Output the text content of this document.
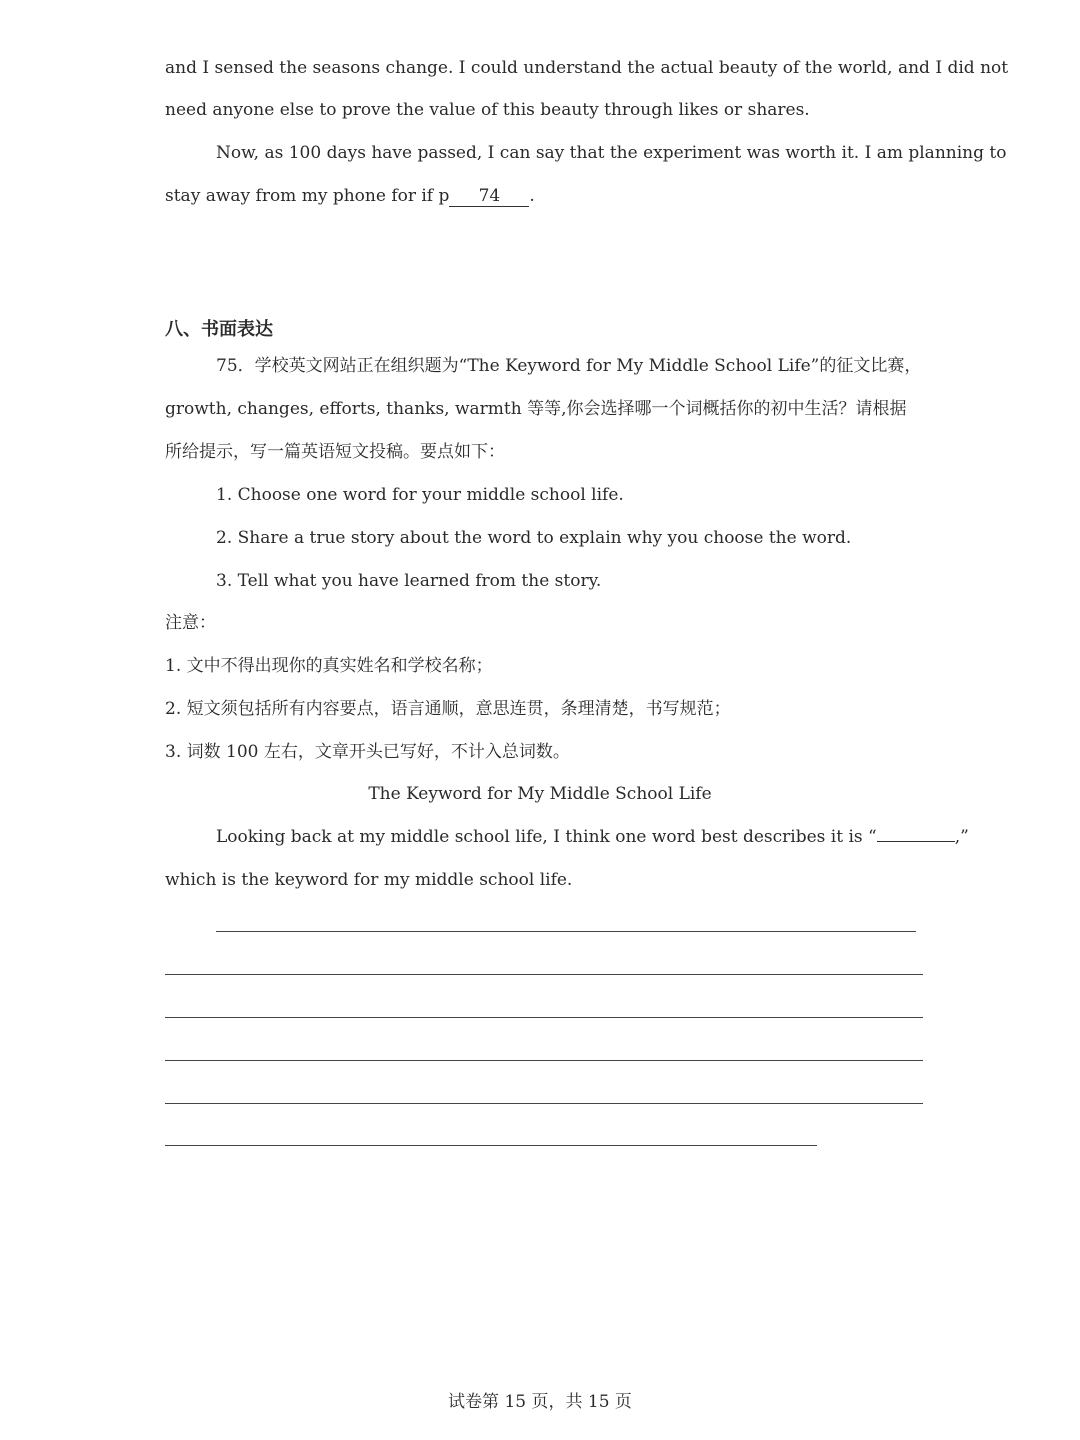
and I sensed the seasons change. I could understand the actual beauty of the world, and I did not
need anyone else to prove the value of this beauty through likes or shares.
Now, as 100 days have passed, I can say that the experiment was worth it. I am planning to
stay away from my phone for if p 74 .
八、书面表达
75．学校英文网站正在组织题为“The Keyword for My Middle School Life”的征文比赛，
growth, changes, efforts, thanks, warmth 等等,你会选择哪一个词概括你的初中生活？请根据
所给提示，写一篇英语短文投稿。要点如下：
1. Choose one word for your middle school life.
2. Share a true story about the word to explain why you choose the word.
3. Tell what you have learned from the story.
注意：
1. 文中不得出现你的真实姓名和学校名称；
2. 短文须包括所有内容要点，语言通顺，意思连贯，条理清楚，书写规范；
3. 词数 100 左右，文章开头已写好，不计入总词数。
The Keyword for My Middle School Life
Looking back at my middle school life, I think one word best describes it is “	,”
which is the keyword for my middle school life.
试卷第 15 页，共 15 页
